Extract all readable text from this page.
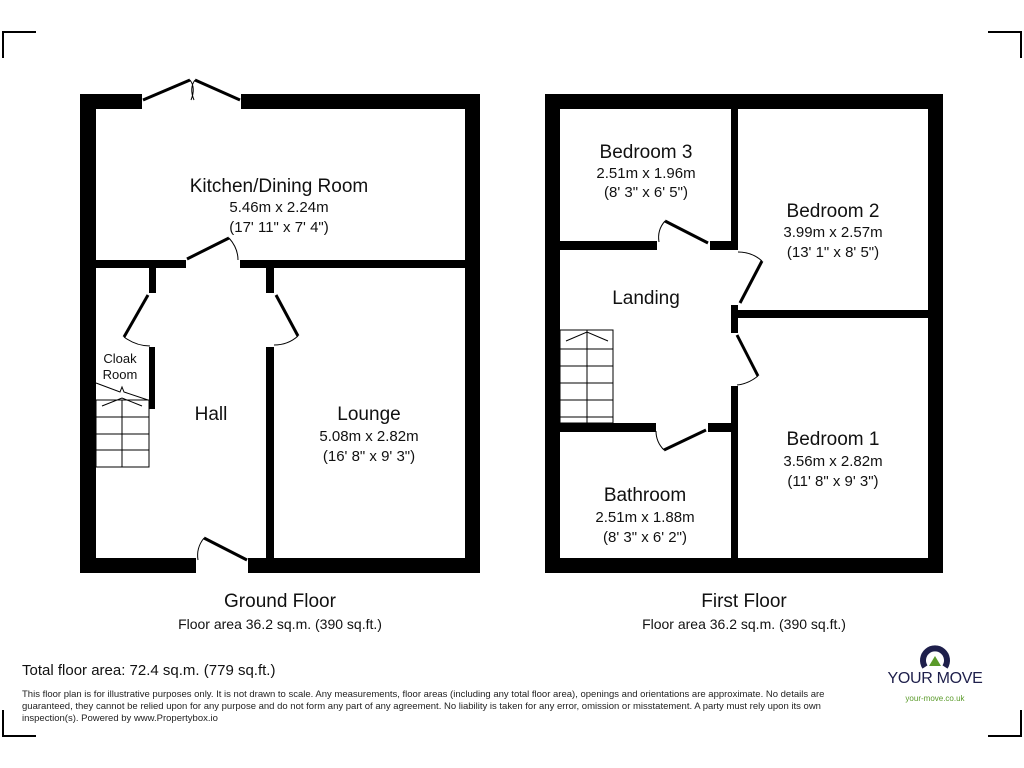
Kitchen/Dining Room
5.46m x 2.24m
(17' 11" x 7' 4")
Lounge
5.08m x 2.82m
(16' 8" x 9' 3")
Hall
Cloak
Room
Ground Floor
Floor area 36.2 sq.m. (390 sq.ft.)
Bedroom 3
2.51m x 1.96m
(8' 3" x 6' 5")
Bedroom 2
3.99m x 2.57m
(13' 1" x 8' 5")
Landing
Bedroom 1
3.56m x 2.82m
(11' 8" x 9' 3")
Bathroom
2.51m x 1.88m
(8' 3" x 6' 2")
First Floor
Floor area 36.2 sq.m. (390 sq.ft.)
Total floor area: 72.4 sq.m. (779 sq.ft.)
This floor plan is for illustrative purposes only. It is not drawn to scale. Any measurements, floor areas (including any total floor area), openings and orientations are approximate. No details are guaranteed, they cannot be relied upon for any purpose and do not form any part of any agreement. No liability is taken for any error, omission or misstatement. A party must rely upon its own inspection(s). Powered by www.Propertybox.io
YOUR MOVE
your-move.co.uk
